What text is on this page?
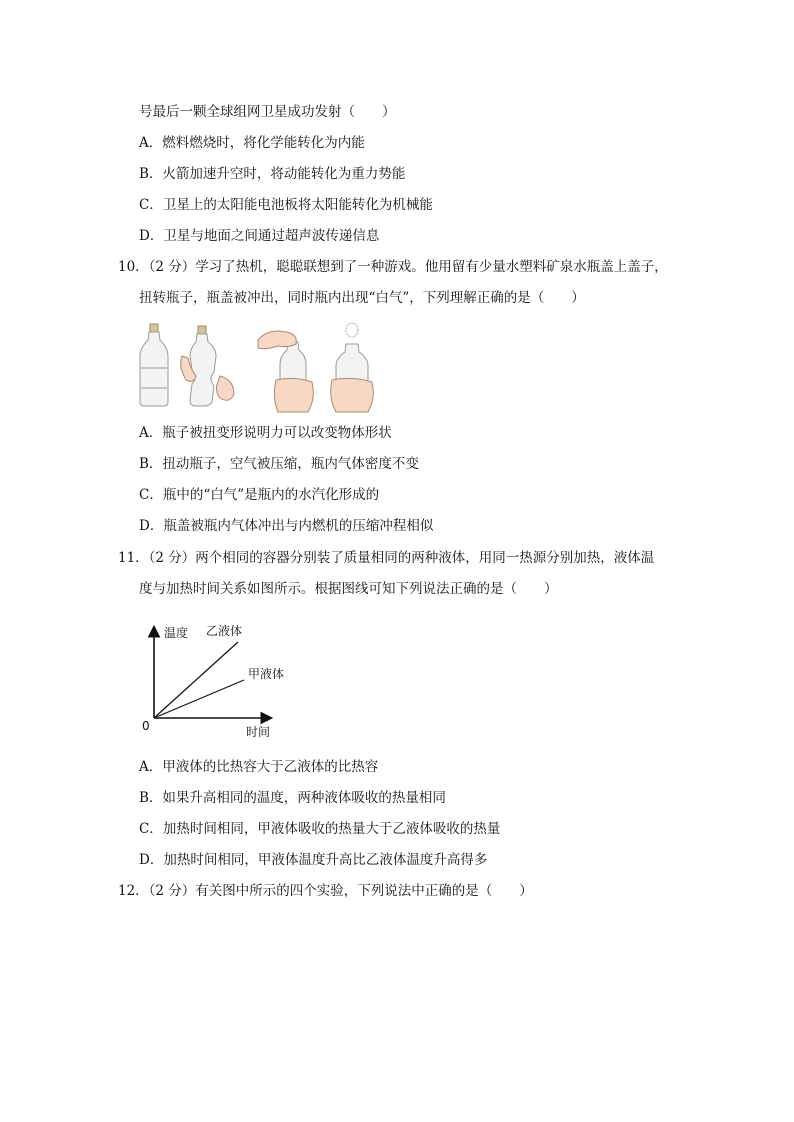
号最后一颗全球组网卫星成功发射（　　）
A．燃料燃烧时，将化学能转化为内能
B．火箭加速升空时，将动能转化为重力势能
C．卫星上的太阳能电池板将太阳能转化为机械能
D．卫星与地面之间通过超声波传递信息
10．（2 分）学习了热机，聪聪联想到了一种游戏。他用留有少量水塑料矿泉水瓶盖上盖子，
扭转瓶子，瓶盖被冲出，同时瓶内出现“白气”，下列理解正确的是（　　）
A．瓶子被扭变形说明力可以改变物体形状
B．扭动瓶子，空气被压缩，瓶内气体密度不变
C．瓶中的“白气”是瓶内的水汽化形成的
D．瓶盖被瓶内气体冲出与内燃机的压缩冲程相似
11．（2 分）两个相同的容器分别装了质量相同的两种液体，用同一热源分别加热，液体温
度与加热时间关系如图所示。根据图线可知下列说法正确的是（　　）
温度 乙液体
甲液体
0	时间
A．甲液体的比热容大于乙液体的比热容
B．如果升高相同的温度，两种液体吸收的热量相同
C．加热时间相同，甲液体吸收的热量大于乙液体吸收的热量
D．加热时间相同，甲液体温度升高比乙液体温度升高得多
12．（2 分）有关图中所示的四个实验，下列说法中正确的是（　　）
